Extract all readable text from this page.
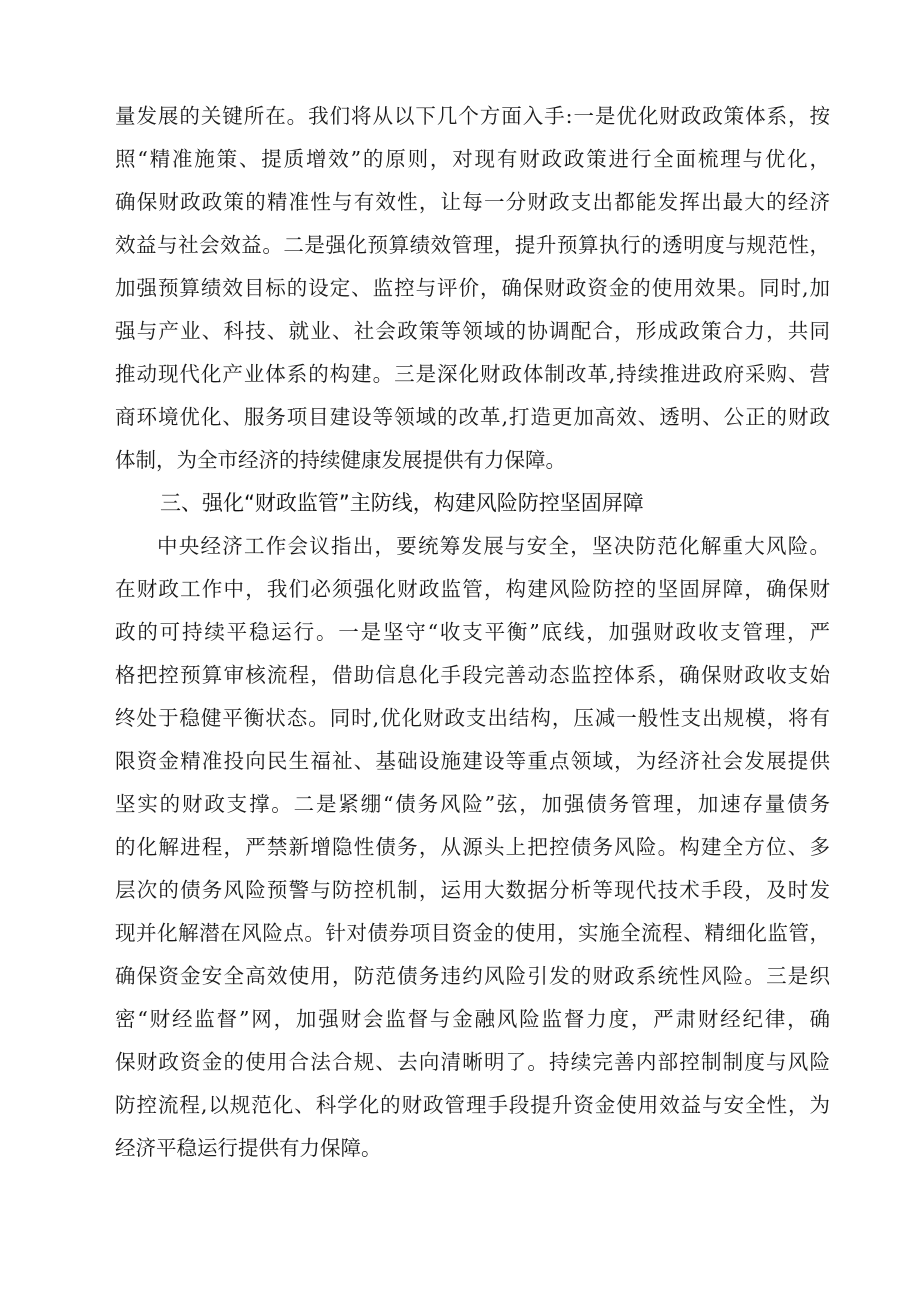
量发展的关键所在。我们将从以下几个方面入手:一是优化财政政策体系，按
照“精准施策、提质增效”的原则，对现有财政政策进行全面梳理与优化，
确保财政政策的精准性与有效性，让每一分财政支出都能发挥出最大的经济
效益与社会效益。二是强化预算绩效管理，提升预算执行的透明度与规范性，
加强预算绩效目标的设定、监控与评价，确保财政资金的使用效果。同时,加
强与产业、科技、就业、社会政策等领域的协调配合，形成政策合力，共同
推动现代化产业体系的构建。三是深化财政体制改革,持续推进政府采购、营
商环境优化、服务项目建设等领域的改革,打造更加高效、透明、公正的财政
体制，为全市经济的持续健康发展提供有力保障。
三、强化“财政监管”主防线，构建风险防控坚固屏障
中央经济工作会议指出，要统筹发展与安全，坚决防范化解重大风险。
在财政工作中，我们必须强化财政监管，构建风险防控的坚固屏障，确保财
政的可持续平稳运行。一是坚守“收支平衡”底线，加强财政收支管理，严
格把控预算审核流程，借助信息化手段完善动态监控体系，确保财政收支始
终处于稳健平衡状态。同时,优化财政支出结构，压减一般性支出规模，将有
限资金精准投向民生福祉、基础设施建设等重点领域，为经济社会发展提供
坚实的财政支撑。二是紧绷“债务风险”弦，加强债务管理，加速存量债务
的化解进程，严禁新增隐性债务，从源头上把控债务风险。构建全方位、多
层次的债务风险预警与防控机制，运用大数据分析等现代技术手段，及时发
现并化解潜在风险点。针对债券项目资金的使用，实施全流程、精细化监管，
确保资金安全高效使用，防范债务违约风险引发的财政系统性风险。三是织
密“财经监督”网，加强财会监督与金融风险监督力度，严肃财经纪律，确
保财政资金的使用合法合规、去向清晰明了。持续完善内部控制制度与风险
防控流程,以规范化、科学化的财政管理手段提升资金使用效益与安全性，为
经济平稳运行提供有力保障。
